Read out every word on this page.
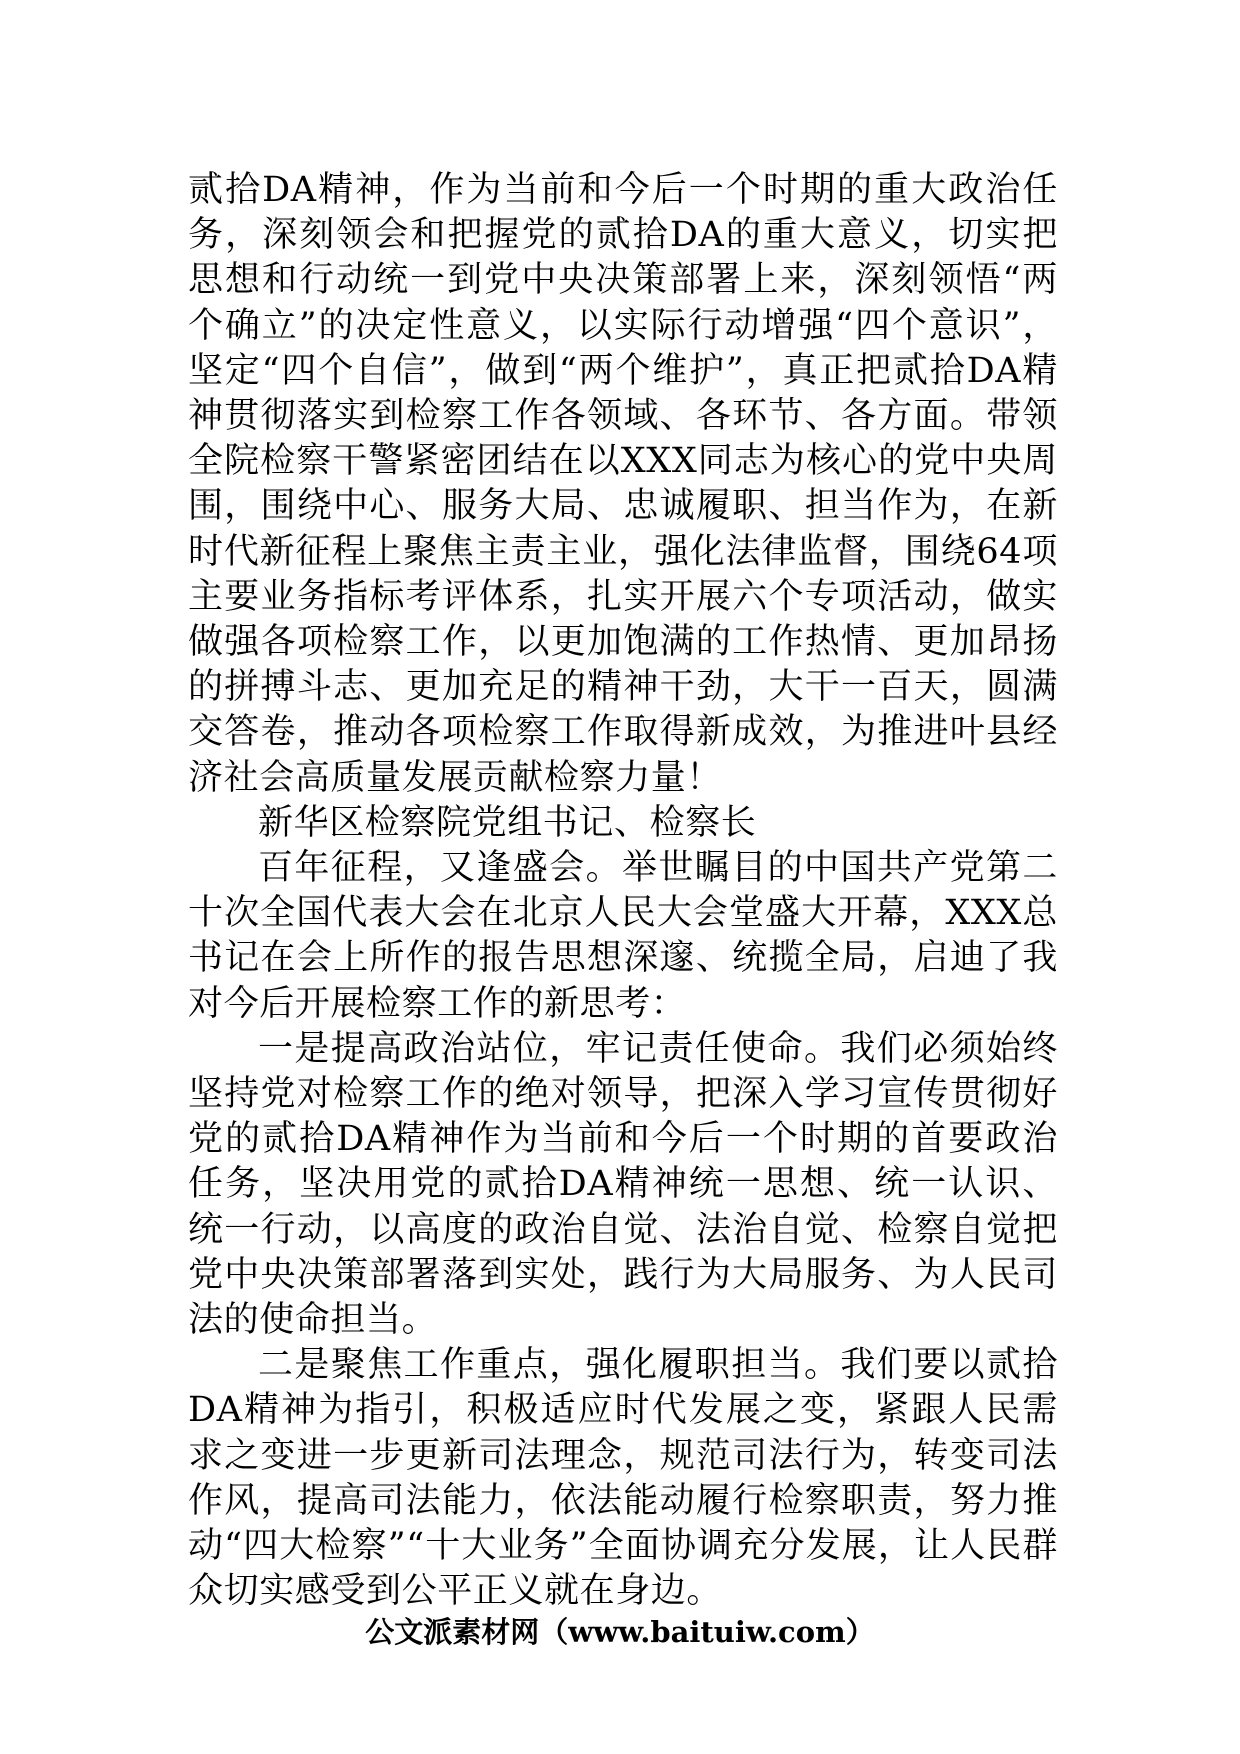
贰拾DA精神，作为当前和今后一个时期的重大政治任务，深刻领会和把握党的贰拾DA的重大意义，切实把思想和行动统一到党中央决策部署上来，深刻领悟“两个确立”的决定性意义，以实际行动增强“四个意识”，坚定“四个自信”，做到“两个维护”，真正把贰拾DA精神贯彻落实到检察工作各领域、各环节、各方面。带领全院检察干警紧密团结在以XXX同志为核心的党中央周围，围绕中心、服务大局、忠诚履职、担当作为，在新时代新征程上聚焦主责主业，强化法律监督，围绕64项主要业务指标考评体系，扎实开展六个专项活动，做实做强各项检察工作，以更加饱满的工作热情、更加昂扬的拼搏斗志、更加充足的精神干劲，大干一百天，圆满交答卷，推动各项检察工作取得新成效，为推进叶县经济社会高质量发展贡献检察力量！

新华区检察院党组书记、检察长

百年征程，又逢盛会。举世瞩目的中国共产党第二十次全国代表大会在北京人民大会堂盛大开幕，XXX总书记在会上所作的报告思想深邃、统揽全局，启迪了我对今后开展检察工作的新思考：

一是提高政治站位，牢记责任使命。我们必须始终坚持党对检察工作的绝对领导，把深入学习宣传贯彻好党的贰拾DA精神作为当前和今后一个时期的首要政治任务，坚决用党的贰拾DA精神统一思想、统一认识、统一行动，以高度的政治自觉、法治自觉、检察自觉把党中央决策部署落到实处，践行为大局服务、为人民司法的使命担当。

二是聚焦工作重点，强化履职担当。我们要以贰拾DA精神为指引，积极适应时代发展之变，紧跟人民需求之变进一步更新司法理念，规范司法行为，转变司法作风，提高司法能力，依法能动履行检察职责，努力推动“四大检察”“十大业务”全面协调充分发展，让人民群众切实感受到公平正义就在身边。

公文派素材网（www.baituiw.com）
